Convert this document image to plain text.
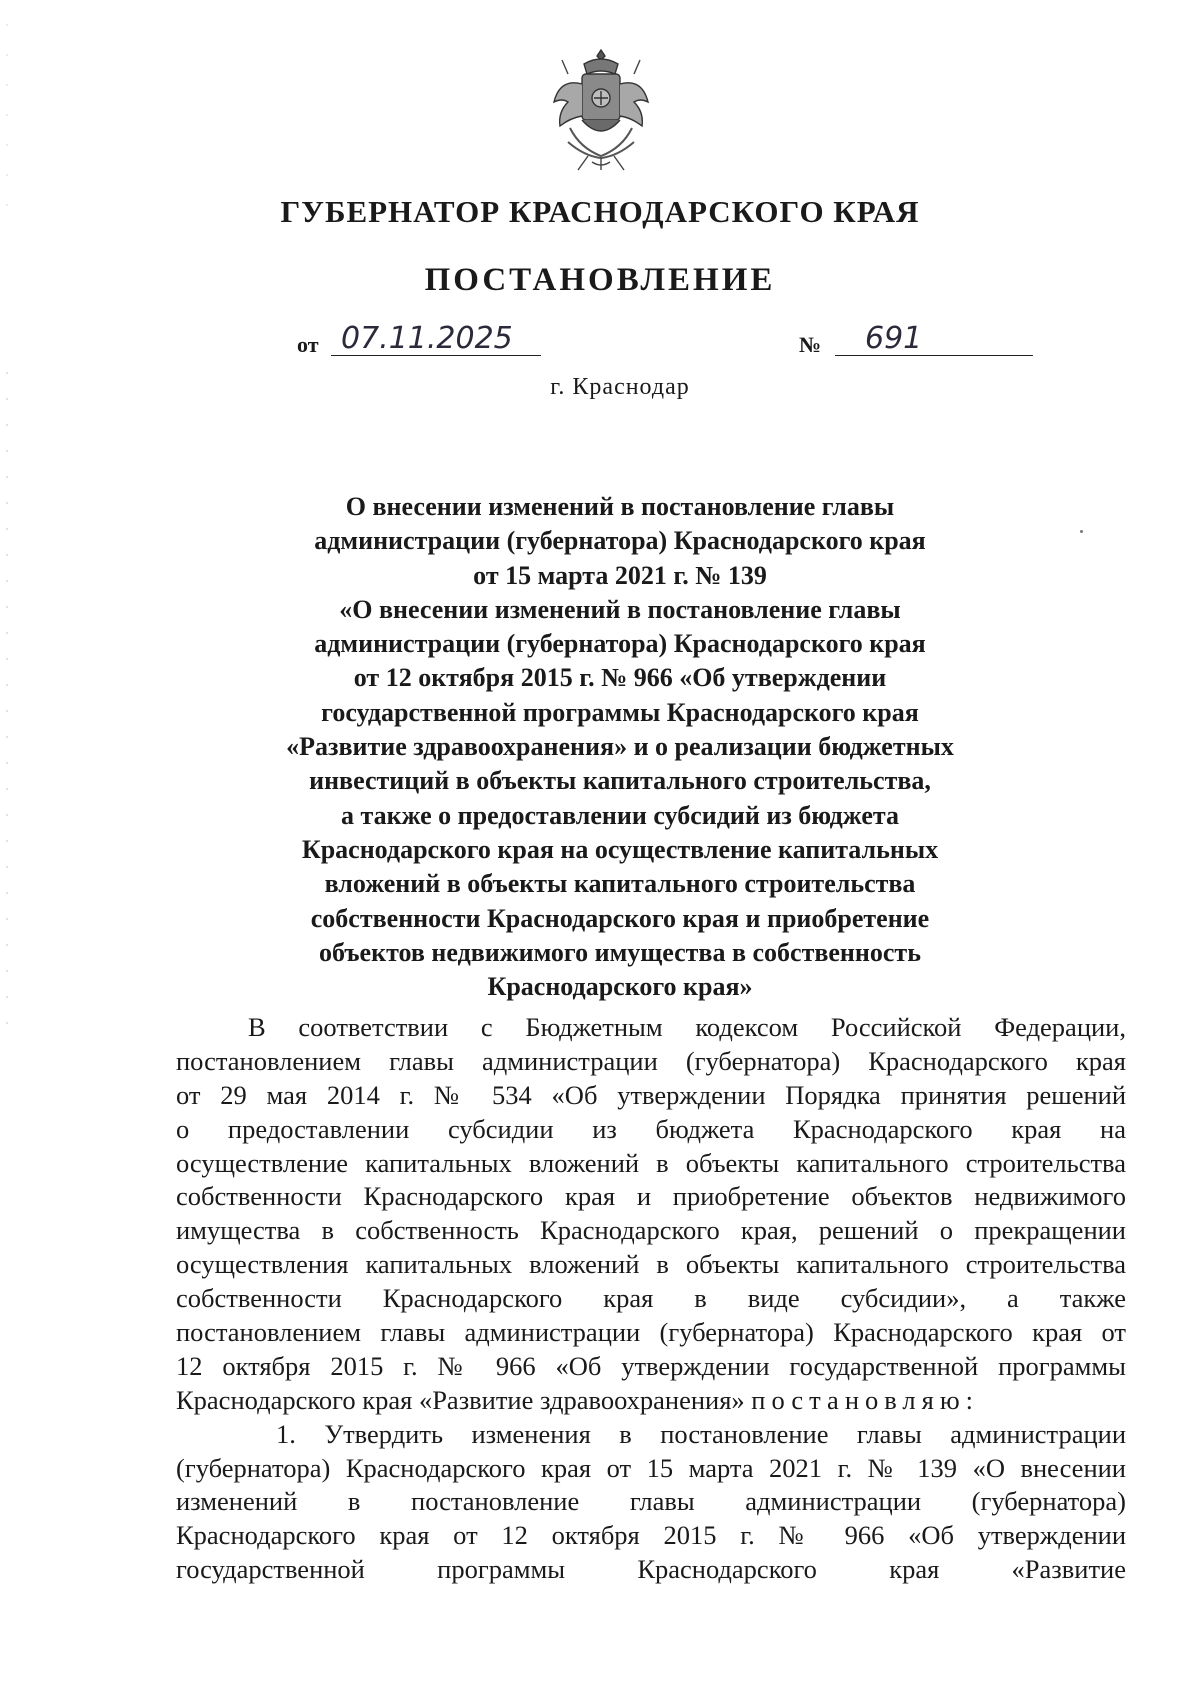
ГУБЕРНАТОР КРАСНОДАРСКОГО КРАЯ
ПОСТАНОВЛЕНИЕ
от 07.11.2025	№	691
г. Краснодар
О внесении изменений в постановление главы
администрации (губернатора) Краснодарского края
от 15 марта 2021 г. № 139
«О внесении изменений в постановление главы
администрации (губернатора) Краснодарского края
от 12 октября 2015 г. № 966 «Об утверждении
государственной программы Краснодарского края
«Развитие здравоохранения» и о реализации бюджетных
инвестиций в объекты капитального строительства,
а также о предоставлении субсидий из бюджета
Краснодарского края на осуществление капитальных
вложений в объекты капитального строительства
собственности Краснодарского края и приобретение
объектов недвижимого имущества в собственность
Краснодарского края»
В соответствии с Бюджетным кодексом Российской Федерации,
постановлением главы администрации (губернатора) Краснодарского края
от 29 мая 2014 г. № 534 «Об утверждении Порядка принятия решений
о предоставлении субсидии из бюджета Краснодарского края на
осуществление капитальных вложений в объекты капитального строительства
собственности Краснодарского края и приобретение объектов недвижимого
имущества в собственность Краснодарского края, решений о прекращении
осуществления капитальных вложений в объекты капитального строительства
собственности Краснодарского края в виде субсидии», а также
постановлением главы администрации (губернатора) Краснодарского края от
12 октября 2015 г. № 966 «Об утверждении государственной программы
Краснодарского края «Развитие здравоохранения» постановляю:
1. Утвердить изменения в постановление главы администрации
(губернатора) Краснодарского края от 15 марта 2021 г. № 139 «О внесении
изменений в постановление главы администрации (губернатора)
Краснодарского края от 12 октября 2015 г. № 966 «Об утверждении
государственной программы Краснодарского края «Развитие
